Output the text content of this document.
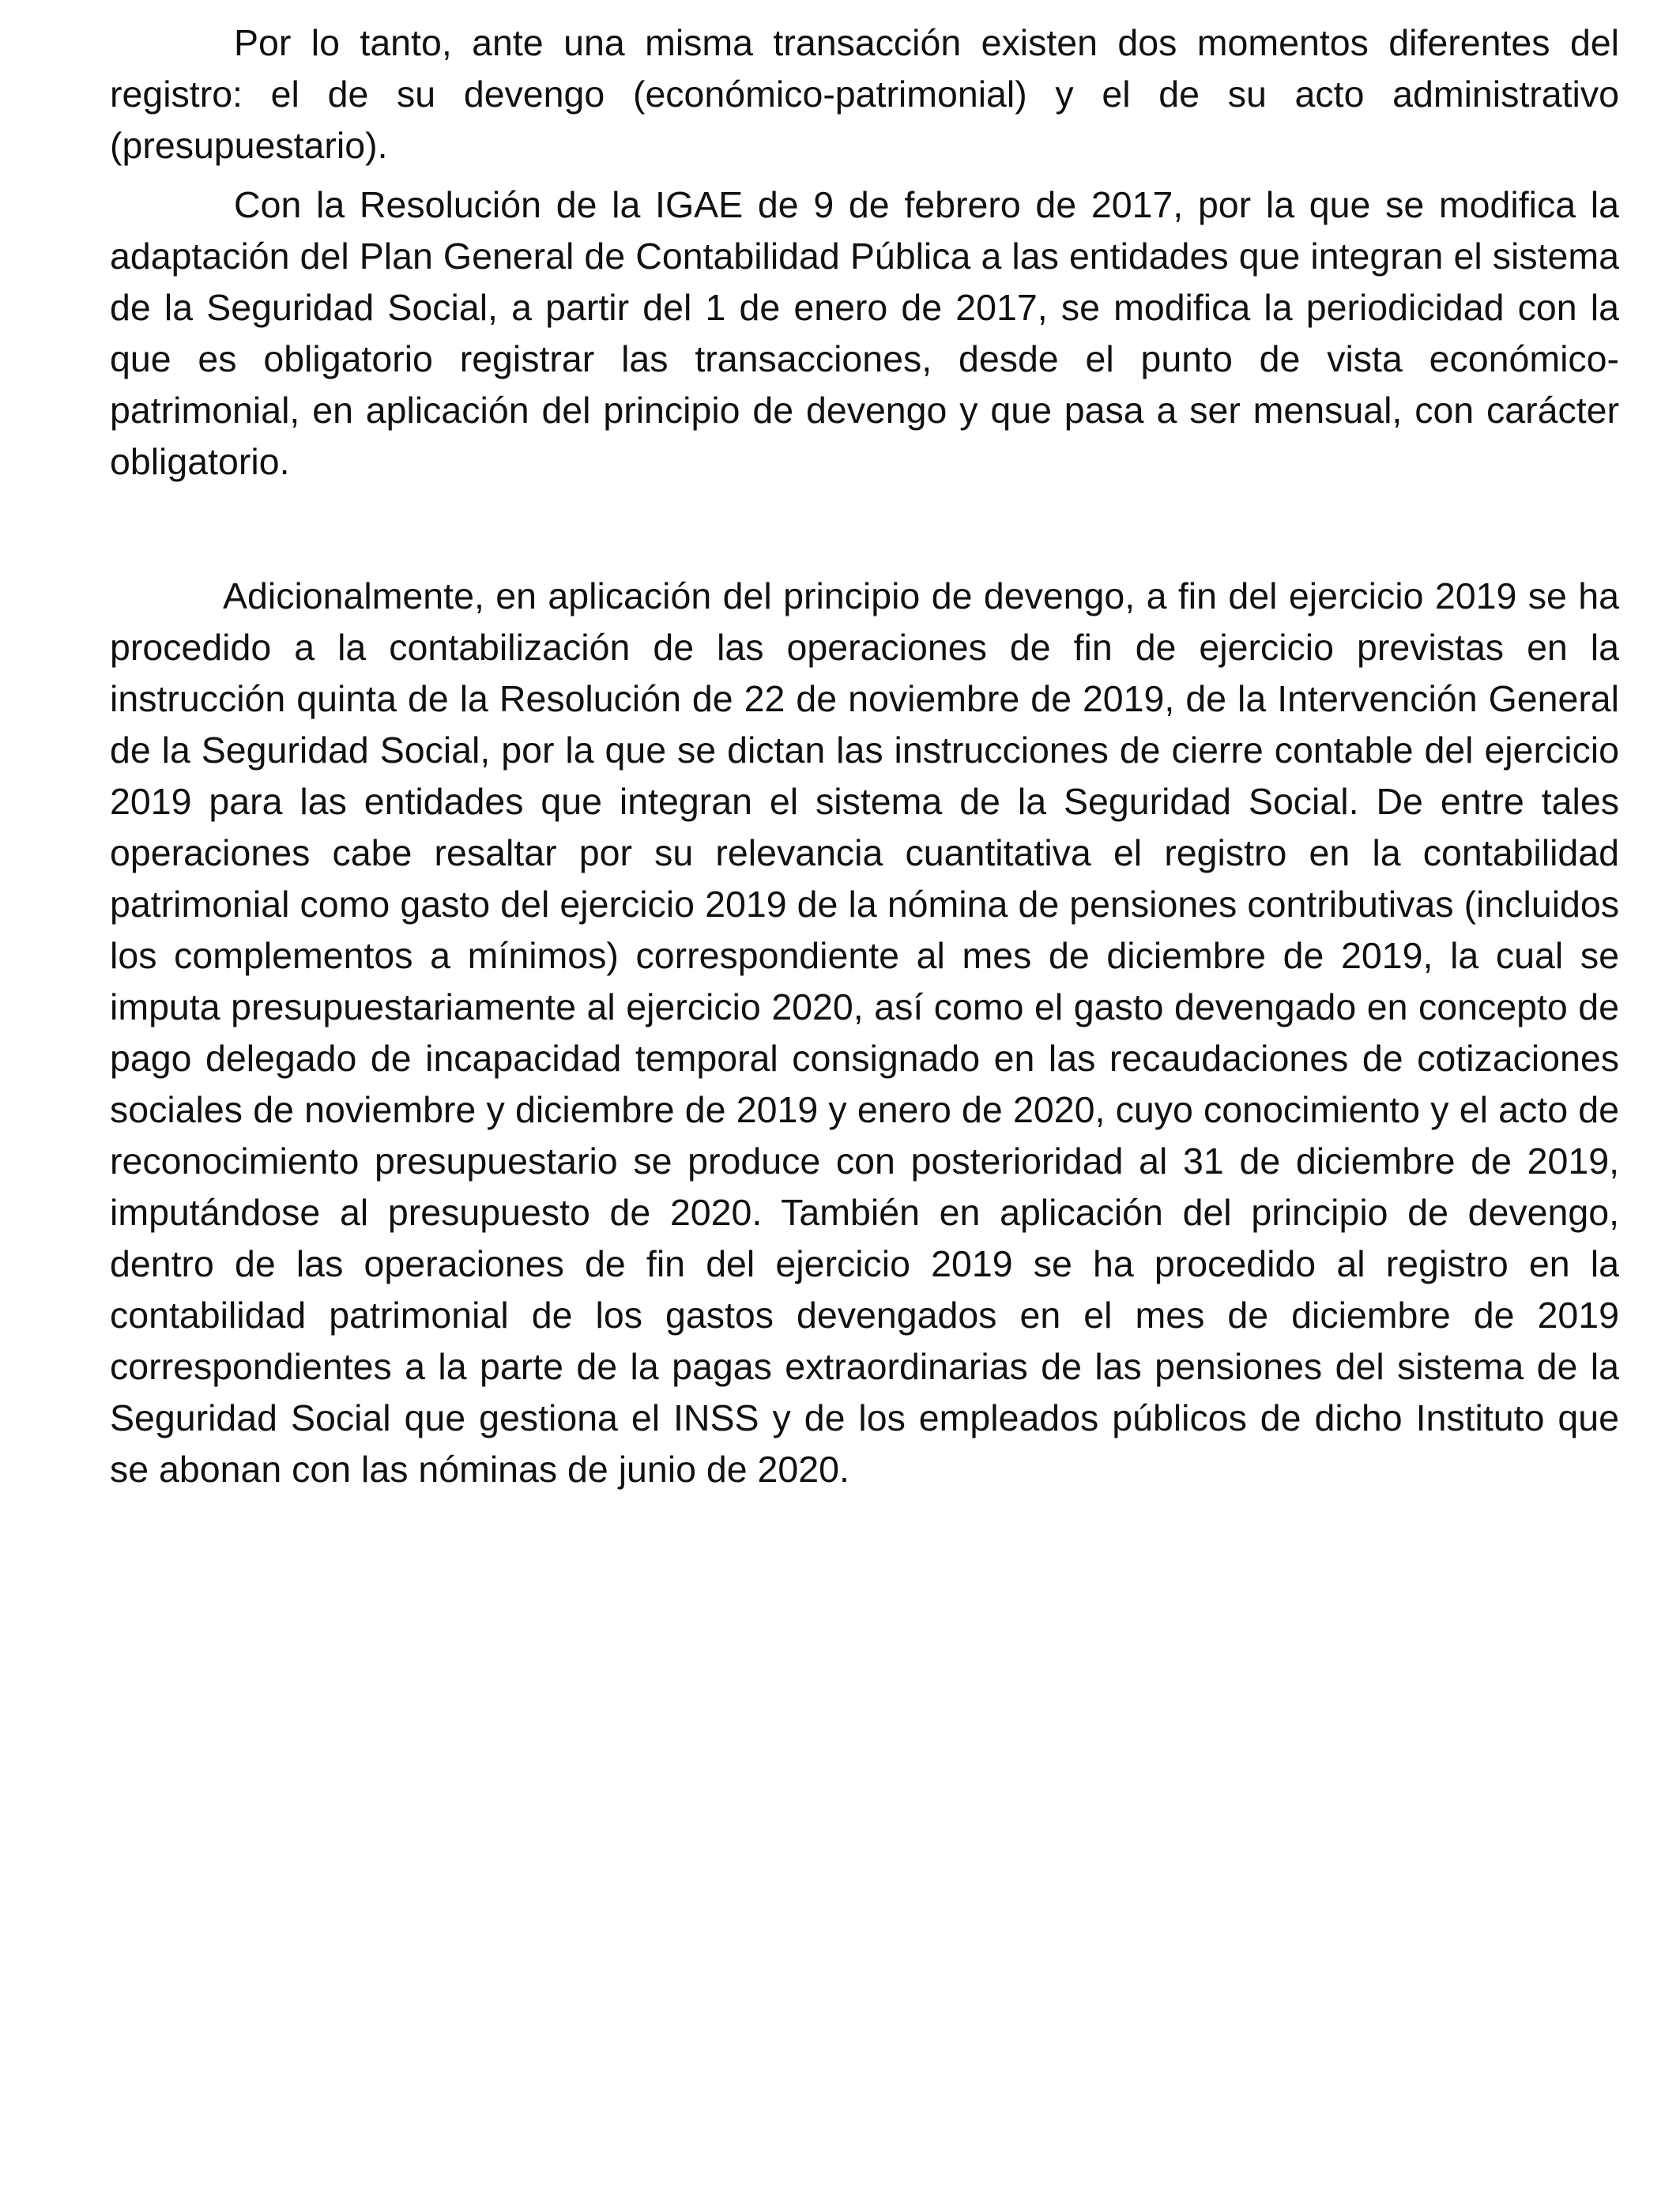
Por lo tanto, ante una misma transacción existen dos momentos diferentes del registro: el de su devengo (económico-patrimonial) y el de su acto administrativo (presupuestario).

Con la Resolución de la IGAE de 9 de febrero de 2017, por la que se modifica la adaptación del Plan General de Contabilidad Pública a las entidades que integran el sistema de la Seguridad Social, a partir del 1 de enero de 2017, se modifica la periodicidad con la que es obligatorio registrar las transacciones, desde el punto de vista económico-patrimonial, en aplicación del principio de devengo y que pasa a ser mensual, con carácter obligatorio.

Adicionalmente, en aplicación del principio de devengo, a fin del ejercicio 2019 se ha procedido a la contabilización de las operaciones de fin de ejercicio previstas en la instrucción quinta de la Resolución de 22 de noviembre de 2019, de la Intervención General de la Seguridad Social, por la que se dictan las instrucciones de cierre contable del ejercicio 2019 para las entidades que integran el sistema de la Seguridad Social. De entre tales operaciones cabe resaltar por su relevancia cuantitativa el registro en la contabilidad patrimonial como gasto del ejercicio 2019 de la nómina de pensiones contributivas (incluidos los complementos a mínimos) correspondiente al mes de diciembre de 2019, la cual se imputa presupuestariamente al ejercicio 2020, así como el gasto devengado en concepto de pago delegado de incapacidad temporal consignado en las recaudaciones de cotizaciones sociales de noviembre y diciembre de 2019 y enero de 2020, cuyo conocimiento y el acto de reconocimiento presupuestario se produce con posterioridad al 31 de diciembre de 2019, imputándose al presupuesto de 2020. También en aplicación del principio de devengo, dentro de las operaciones de fin del ejercicio 2019 se ha procedido al registro en la contabilidad patrimonial de los gastos devengados en el mes de diciembre de 2019 correspondientes a la parte de la pagas extraordinarias de las pensiones del sistema de la Seguridad Social que gestiona el INSS y de los empleados públicos de dicho Instituto que se abonan con las nóminas de junio de 2020.
